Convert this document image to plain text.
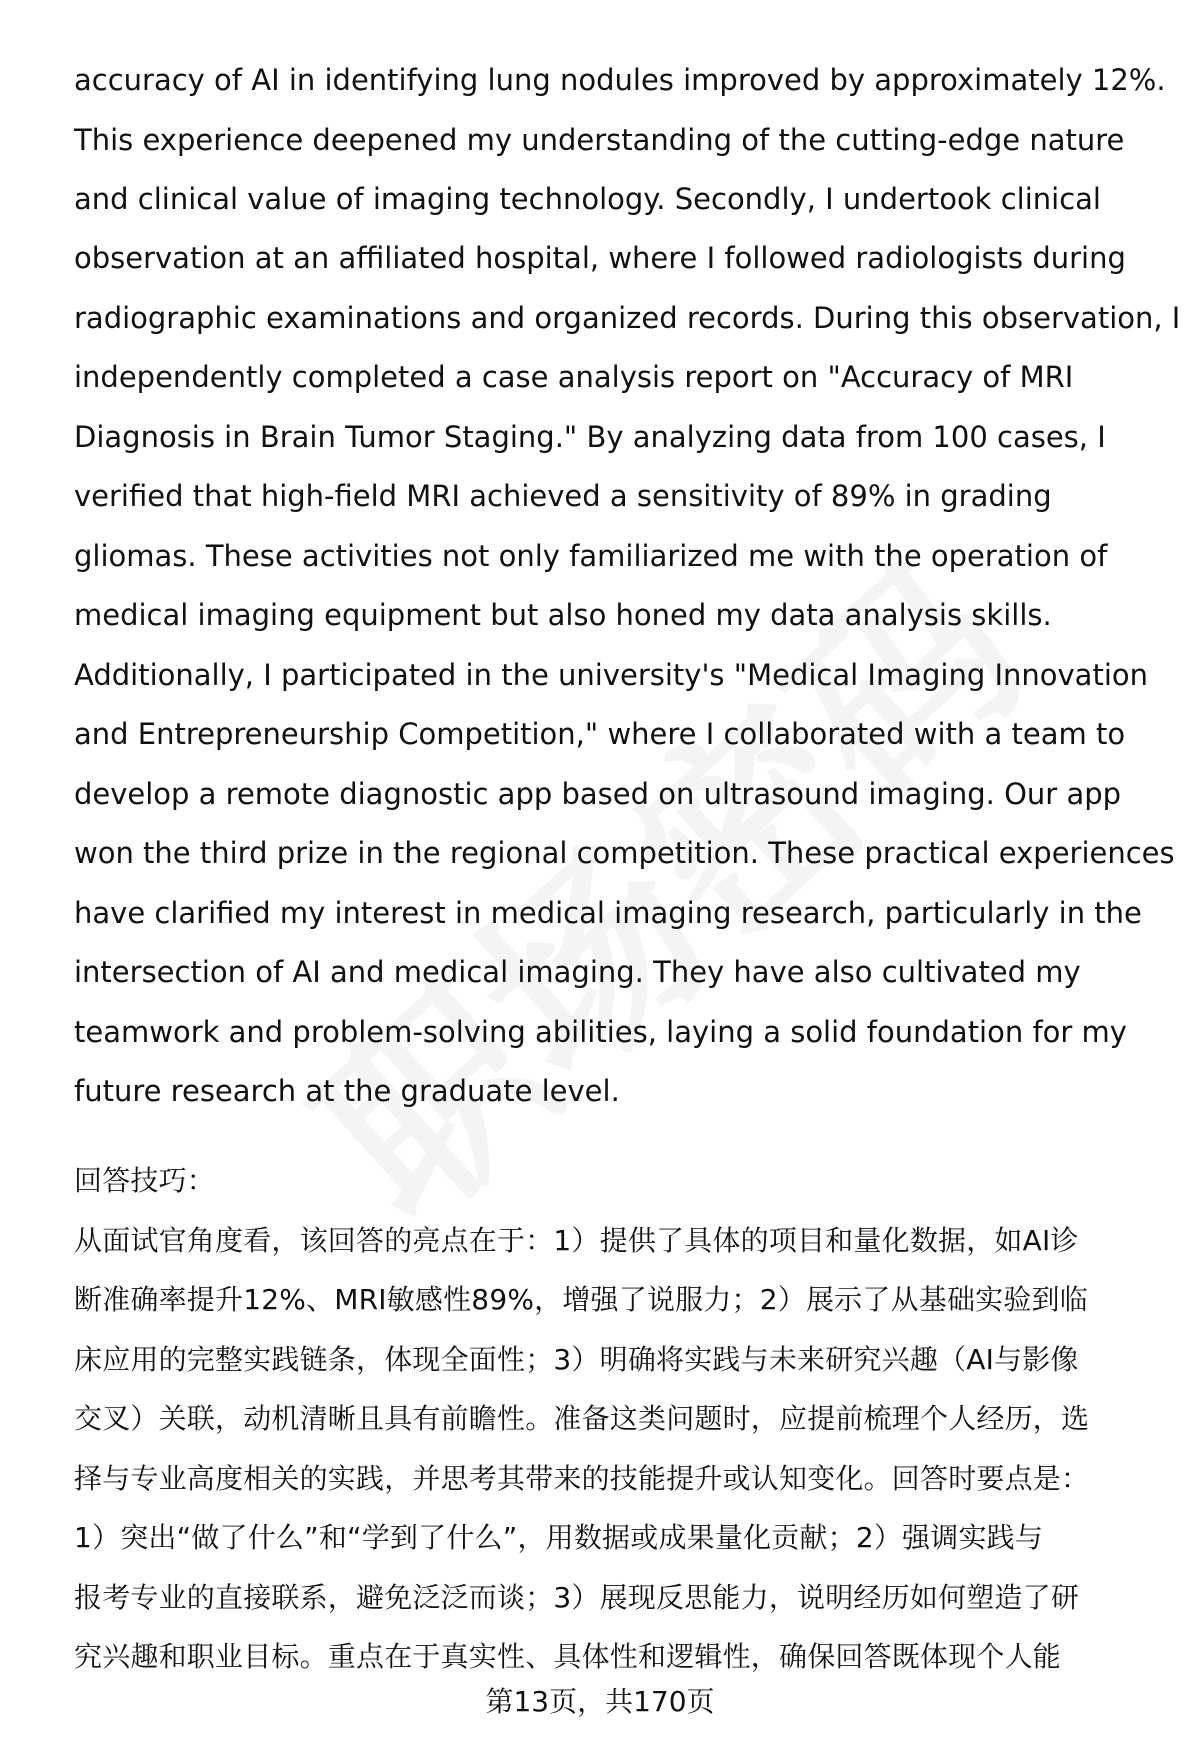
accuracy of AI in identifying lung nodules improved by approximately 12%.
This experience deepened my understanding of the cutting-edge nature
and clinical value of imaging technology. Secondly, I undertook clinical
observation at an affiliated hospital, where I followed radiologists during
radiographic examinations and organized records. During this observation, I
independently completed a case analysis report on "Accuracy of MRI
Diagnosis in Brain Tumor Staging." By analyzing data from 100 cases, I
verified that high-field MRI achieved a sensitivity of 89% in grading
gliomas. These activities not only familiarized me with the operation of
medical imaging equipment but also honed my data analysis skills.
Additionally, I participated in the university's "Medical Imaging Innovation
and Entrepreneurship Competition," where I collaborated with a team to
develop a remote diagnostic app based on ultrasound imaging. Our app
won the third prize in the regional competition. These practical experiences
have clarified my interest in medical imaging research, particularly in the
intersection of AI and medical imaging. They have also cultivated my
teamwork and problem-solving abilities, laying a solid foundation for my
future research at the graduate level.
回答技巧：
从面试官角度看，该回答的亮点在于：1）提供了具体的项目和量化数据，如AI诊
断准确率提升12%、MRI敏感性89%，增强了说服力；2）展示了从基础实验到临
床应用的完整实践链条，体现全面性；3）明确将实践与未来研究兴趣（AI与影像
交叉）关联，动机清晰且具有前瞻性。准备这类问题时，应提前梳理个人经历，选
择与专业高度相关的实践，并思考其带来的技能提升或认知变化。回答时要点是：
1）突出“做了什么”和“学到了什么”，用数据或成果量化贡献；2）强调实践与
报考专业的直接联系，避免泛泛而谈；3）展现反思能力，说明经历如何塑造了研
究兴趣和职业目标。重点在于真实性、具体性和逻辑性，确保回答既体现个人能
第13页，共170页
